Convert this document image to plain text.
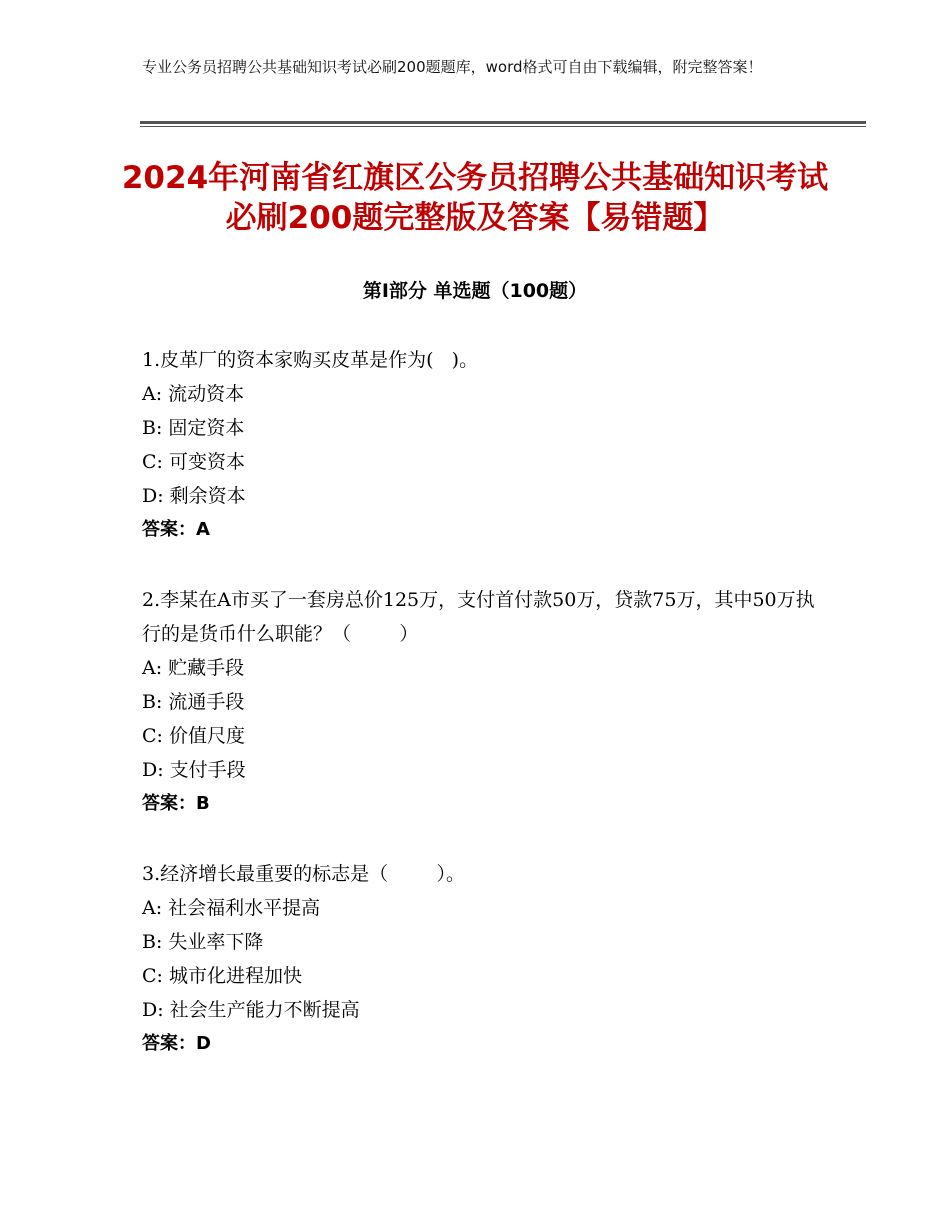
专业公务员招聘公共基础知识考试必刷200题题库，word格式可自由下载编辑，附完整答案！
2024年河南省红旗区公务员招聘公共基础知识考试必刷200题完整版及答案【易错题】
第Ⅰ部分 单选题（100题）
1.皮革厂的资本家购买皮革是作为(   )。
A: 流动资本
B: 固定资本
C: 可变资本
D: 剩余资本
答案：A
2.李某在A市买了一套房总价125万，支付首付款50万，贷款75万，其中50万执行的是货币什么职能？（        ）
A: 贮藏手段
B: 流通手段
C: 价值尺度
D: 支付手段
答案：B
3.经济增长最重要的标志是（        ）。
A: 社会福利水平提高
B: 失业率下降
C: 城市化进程加快
D: 社会生产能力不断提高
答案：D
